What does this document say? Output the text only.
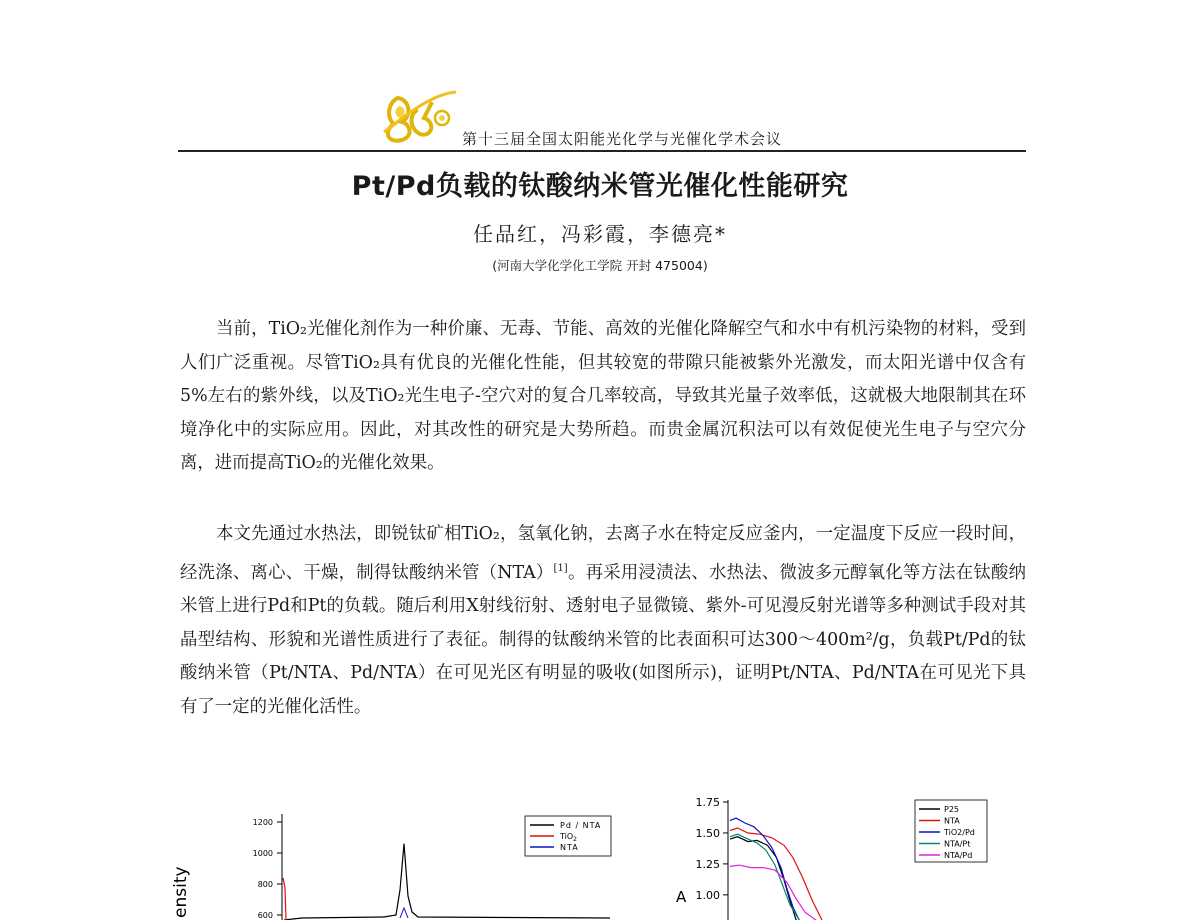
第十三届全国太阳能光化学与光催化学术会议
Pt/Pd负载的钛酸纳米管光催化性能研究
任品红，冯彩霞，李德亮*
(河南大学化学化工学院 开封 475004)

当前，TiO₂光催化剂作为一种价廉、无毒、节能、高效的光催化降解空气和水中有机污染物的材料，受到人们广泛重视。尽管TiO₂具有优良的光催化性能，但其较宽的带隙只能被紫外光激发，而太阳光谱中仅含有5%左右的紫外线，以及TiO₂光生电子-空穴对的复合几率较高，导致其光量子效率低，这就极大地限制其在环境净化中的实际应用。因此，对其改性的研究是大势所趋。而贵金属沉积法可以有效促使光生电子与空穴分离，进而提高TiO₂的光催化效果。

本文先通过水热法，即锐钛矿相TiO₂，氢氧化钠，去离子水在特定反应釜内，一定温度下反应一段时间，经洗涤、离心、干燥，制得钛酸纳米管（NTA）[1]。再采用浸渍法、水热法、微波多元醇氧化等方法在钛酸纳米管上进行Pd和Pt的负载。随后利用X射线衍射、透射电子显微镜、紫外-可见漫反射光谱等多种测试手段对其晶型结构、形貌和光谱性质进行了表征。制得的钛酸纳米管的比表面积可达300～400m²/g，负载Pt/Pd的钛酸纳米管（Pt/NTA、Pd/NTA）在可见光区有明显的吸收(如图所示)，证明Pt/NTA、Pd/NTA在可见光下具有了一定的光催化活性。

1200
1000
800
600
ensity
Pd / NTA
TiO$_2$
NTA
1.75
1.50
1.25
1.00
A
P25
NTA
TiO2/Pd
NTA/Pt
NTA/Pd
